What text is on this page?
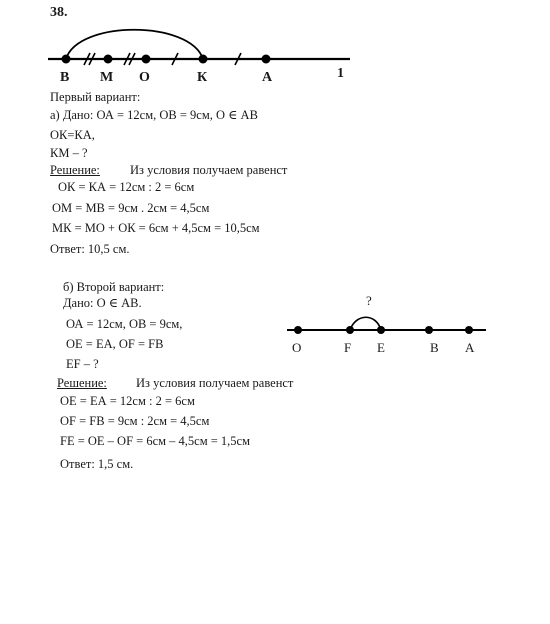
38.
В М О	К	А	1
Первый вариант:
а) Дано: ОА = 12см, ОВ = 9см, О ∈ АВ
ОК=КА,
КМ – ?
Решение: Из условия получаем равенст
ОК = КА = 12см : 2 = 6см
ОМ = МВ = 9см . 2см = 4,5см
МК = МО + ОК = 6см + 4,5см = 10,5см
Ответ: 10,5 см.
б) Второй вариант:
Дано: О ∈ АВ.
ОА = 12см, ОВ = 9см,
ОЕ = ЕА, ОF = FB
EF – ?
Решение: Из условия получаем равенст
ОЕ = ЕА = 12см : 2 = 6см
ОF = FB = 9см : 2см = 4,5см
FE = ОЕ – ОF = 6см – 4,5см = 1,5см
Ответ: 1,5 см.
?
О	F E	B A
